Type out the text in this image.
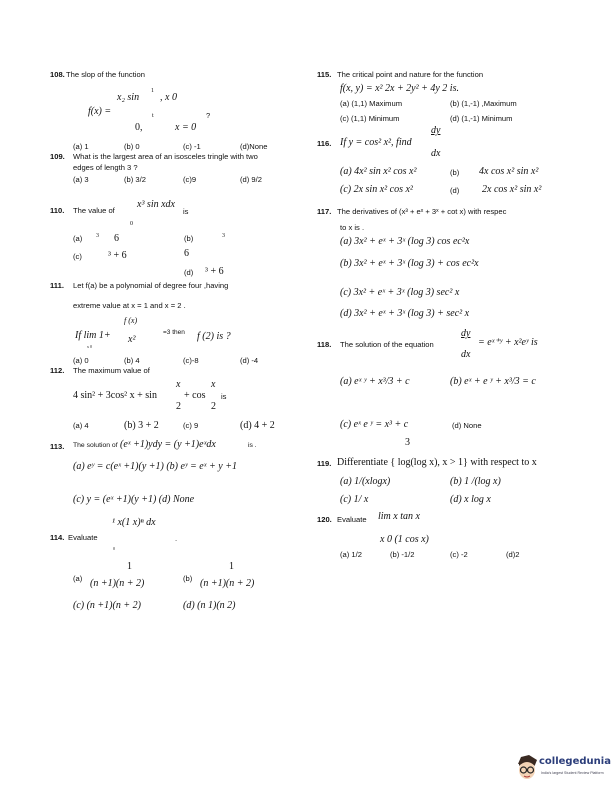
108. The slop of the function
f(x) =
x₂ sin
1
, x 0
t	?
0,	x = 0
(a) 1	(b) 0	(c) -1	(d)None
109. What is the largest area of an isosceles tringle with two
edges of length 3 ?
(a) 3	(b) 3/2	(c)9	(d) 9/2
110. The value of
x³ sin xdx
is
0
(a) 3 6	(b)	3
(c)	³ + 6	6
(d) ³ + 6
111. Let f(a) be a polynomial of degree four ,having
extreme value at x = 1 and x = 2 .
f (x)
If lim 1+ x²
=3 then f (2) is ?
x 0
(a) 0	(b) 4	(c)-8	(d) -4
112. The maximum value of
x	x
4 sin² + 3cos² x + sin	+ cos is
2	2
(a) 4	(b) 3 + 2	(c) 9	(d) 4 + 2
113. The solution of (eˣ +1)ydy = (y +1)eˣdx	is .
(a) eʸ = c(eˣ +1)(y +1) (b) eʸ = eˣ + y +1
(c) y = (eˣ +1)(y +1) (d) None
¹ x(1 x)ⁿ dx
114. Evaluate	.
0
1	1
(a) (n +1)(n + 2)	(b) (n +1)(n + 2)
(c) (n +1)(n + 2)	(d) (n 1)(n 2)
115. The critical point and nature for the function
f(x, y) = x² 2x + 2y² + 4y 2 is.
(a) (1,1) Maximum	(b) (1,-1) ,Maximum
(c) (1,1) Minimum	(d) (1,-1) Minimum
dy
116. If y = cos² x², find
dx
(a) 4x² sin x² cos x²	(b) 4x cos x² sin x²
(c) 2x sin x² cos x²	(d) 2x cos x² sin x²
117. The derivatives of (x³ + eˣ + 3ˣ + cot x) with respec
to x is .
(a) 3x² + eˣ + 3ˣ (log 3) cos ec²x
(b) 3x² + eˣ + 3ˣ (log 3) + cos ec²x
(c) 3x² + eˣ + 3ˣ (log 3) sec² x
(d) 3x² + eˣ + 3ˣ (log 3) + sec² x
dy
118. The solution of the equation	= eˣ⁺ʸ + x²eʸ is
dx
(a) eˣ ʸ + x³/3 + c	(b) eˣ + e ʸ + x³/3 = c
(c) eˣ e ʸ = x³ + c	(d) None
3
119. Differentiate { log(log x), x > 1} with respect to x
(a) 1/(xlogx)	(b) 1 /(log x)
(c) 1/ x	(d) x log x
120. Evaluate lim x tan x
x 0 (1 cos x)
(a) 1/2	(b) -1/2	(c) -2	(d)2
collegedunia
India's largest Student Review Platform
